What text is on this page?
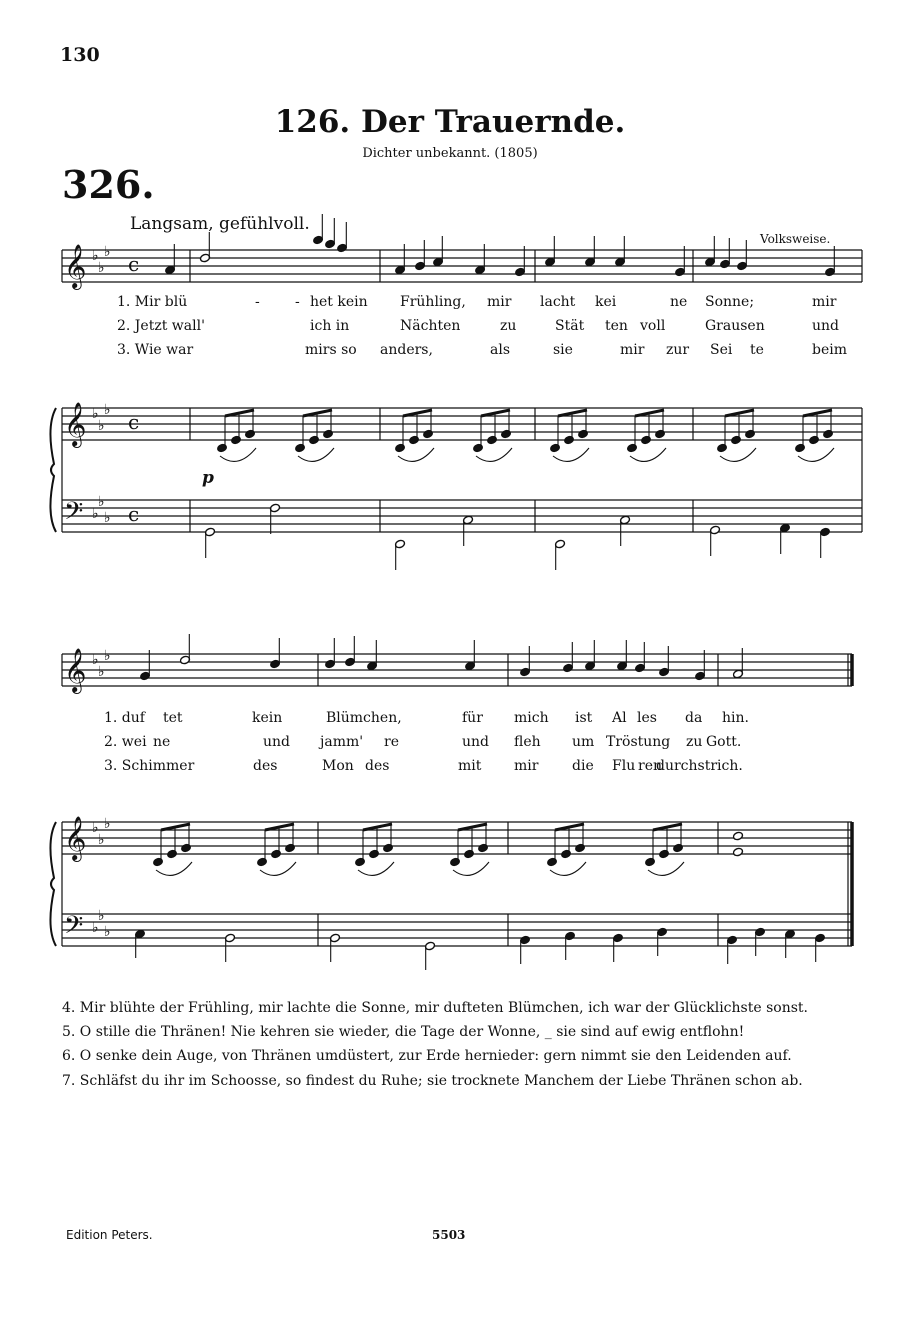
130
126. Der Trauernde.
Dichter unbekannt. (1805)
326.
Langsam, gefühlvoll.
Volksweise.
p
𝄞
𝄞
𝄞
𝄞
𝄢
𝄢
♭
♭
♭
♭
♭
♭
♭
♭
♭
♭
♭
♭
♭
♭
♭
♭
♭
♭
c
c
c
1. Mir blü	-	- het kein Frühling, mir lacht kei	ne Sonne;	mir
2. Jetzt wall'	ich in	Nächten	zu	Stät ten voll	Grausen	und
3. Wie war	mirs so anders,	als	sie	mir zur Sei te	beim
1. duf tet	kein	Blümchen,	für mich ist Al les da hin.
2. wei ne	und jamm' re	und fleh um Tröstung zu Gott.
3. Schimmer	des	Mon des	mit mir die Flu ren
durchstrich.
4. Mir blühte der Frühling, mir lachte die Sonne, mir dufteten Blümchen, ich war der Glücklichste sonst.
5. O stille die Thränen! Nie kehren sie wieder, die Tage der Wonne, _ sie sind auf ewig entflohn!
6. O senke dein Auge, von Thränen umdüstert, zur Erde hernieder: gern nimmt sie den Leidenden auf.
7. Schläfst du ihr im Schoosse, so findest du Ruhe; sie trocknete Manchem der Liebe Thränen schon ab.
Edition Peters.	5503
